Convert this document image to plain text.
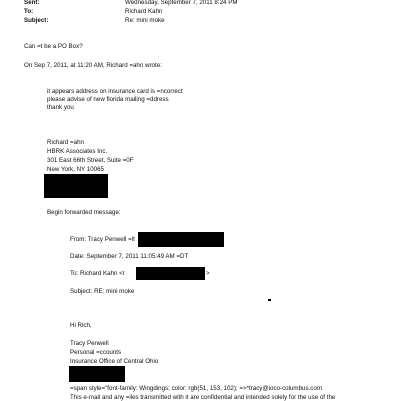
Sent:	Wednesday, September 7, 2011 8:24 PM
To:	Richard Kahn
Subject:	Re: mini moke
Can =t be a PO Box?
On Sep 7, 2011, at 11:20 AM, Richard =ahn wrote:
it appears address on insurance card is =ncorrect
please advise of new florida mailing =ddress
thank you
Richard =ahn
HBRK Associates Inc.
301 East 66th Street, Suite =0F
New York, NY 10065
Begin forwarded message:
From: Tracy Penwell =lt
Date: September 7, 2011 11:05:49 AM =DT
To: Richard Kahn <r	>
Subject: RE: mini moke
Hi Rich,
Tracy Penwell
Personal =ccounts
Insurance Office of Central Ohio
=span style="font-family: Wingdings; color: rgb(51, 153, 102); =>*tracy@ioco-columbus.com
This e-mail and any =iles transmitted with it are confidential and intended solely for the use of the
